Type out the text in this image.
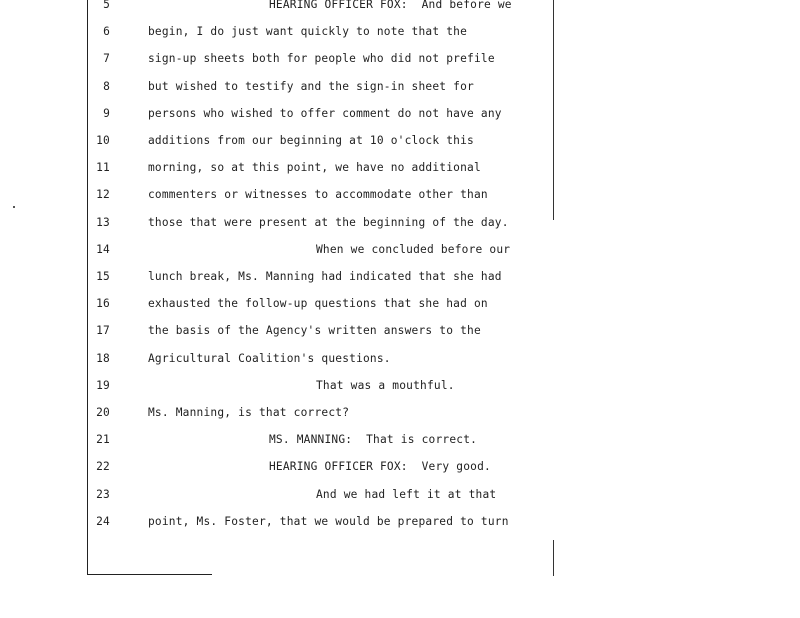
5	HEARING OFFICER FOX:  And before we
6	begin, I do just want quickly to note that the
7	sign-up sheets both for people who did not prefile
8	but wished to testify and the sign-in sheet for
9	persons who wished to offer comment do not have any
10	additions from our beginning at 10 o'clock this
11	morning, so at this point, we have no additional
12	commenters or witnesses to accommodate other than
13	those that were present at the beginning of the day.
14	When we concluded before our
15	lunch break, Ms. Manning had indicated that she had
16	exhausted the follow-up questions that she had on
17	the basis of the Agency's written answers to the
18	Agricultural Coalition's questions.
19	That was a mouthful.
20	Ms. Manning, is that correct?
21	MS. MANNING:  That is correct.
22	HEARING OFFICER FOX:  Very good.
23	And we had left it at that
24	point, Ms. Foster, that we would be prepared to turn
